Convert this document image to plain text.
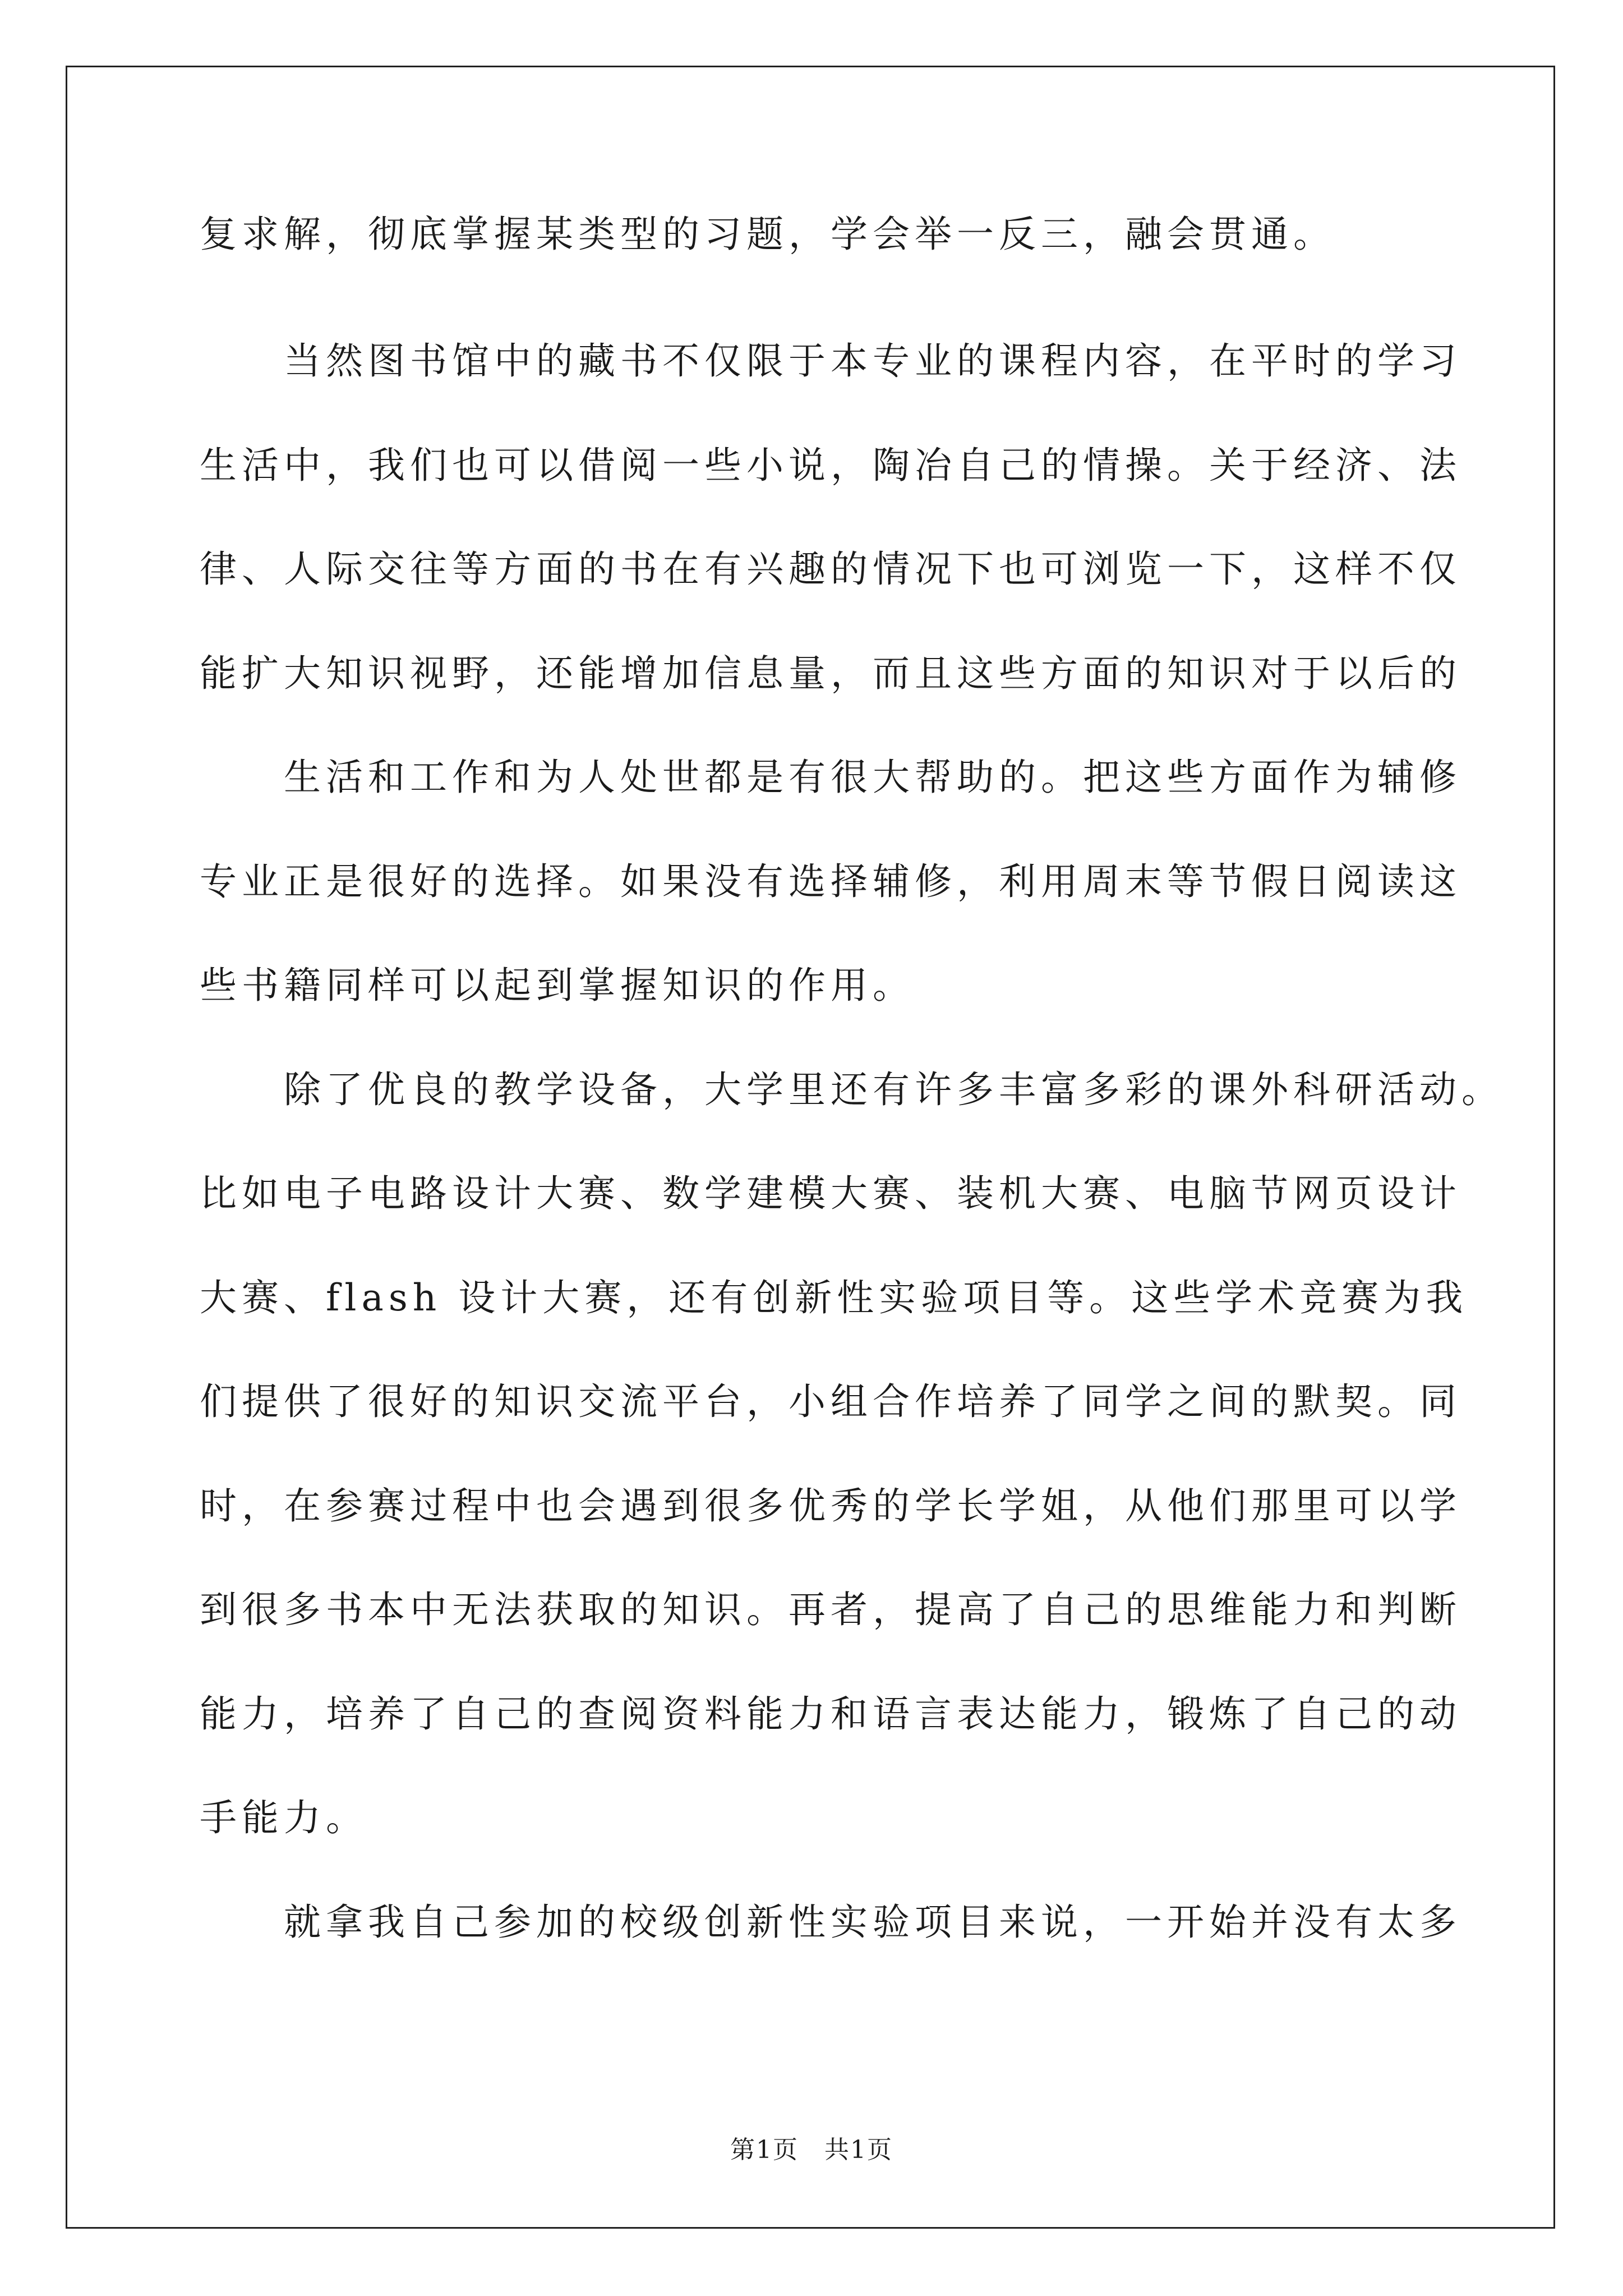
复求解，彻底掌握某类型的习题，学会举一反三，融会贯通。
　　当然图书馆中的藏书不仅限于本专业的课程内容，在平时的学习
生活中，我们也可以借阅一些小说，陶冶自己的情操。关于经济、法
律、人际交往等方面的书在有兴趣的情况下也可浏览一下，这样不仅
能扩大知识视野，还能增加信息量，而且这些方面的知识对于以后的
　　生活和工作和为人处世都是有很大帮助的。把这些方面作为辅修
专业正是很好的选择。如果没有选择辅修，利用周末等节假日阅读这
些书籍同样可以起到掌握知识的作用。
　　除了优良的教学设备，大学里还有许多丰富多彩的课外科研活动。
比如电子电路设计大赛、数学建模大赛、装机大赛、电脑节网页设计
大赛、flash 设计大赛，还有创新性实验项目等。这些学术竞赛为我
们提供了很好的知识交流平台，小组合作培养了同学之间的默契。同
时，在参赛过程中也会遇到很多优秀的学长学姐，从他们那里可以学
到很多书本中无法获取的知识。再者，提高了自己的思维能力和判断
能力，培养了自己的查阅资料能力和语言表达能力，锻炼了自己的动
手能力。
　　就拿我自己参加的校级创新性实验项目来说，一开始并没有太多
第1页　共1页
